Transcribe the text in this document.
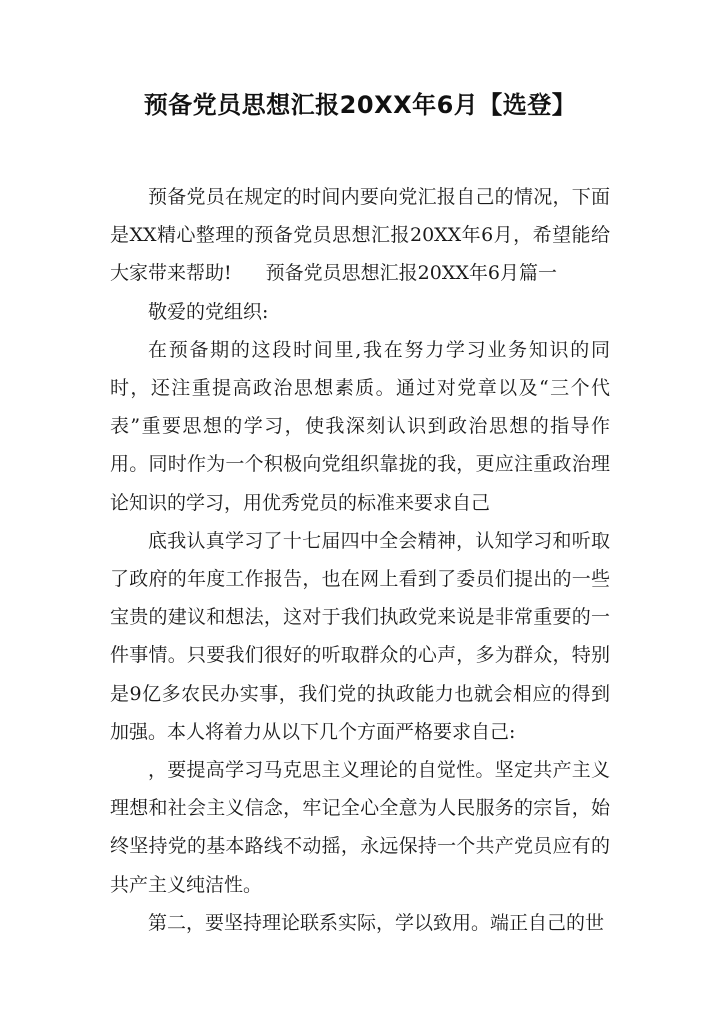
预备党员思想汇报20XX年6月【选登】

预备党员在规定的时间内要向党汇报自己的情况，下面是XX精心整理的预备党员思想汇报20XX年6月，希望能给大家带来帮助! 预备党员思想汇报20XX年6月篇一

敬爱的党组织:

在预备期的这段时间里,我在努力学习业务知识的同时，还注重提高政治思想素质。通过对党章以及“三个代表”重要思想的学习，使我深刻认识到政治思想的指导作用。同时作为一个积极向党组织靠拢的我，更应注重政治理论知识的学习，用优秀党员的标准来要求自己

底我认真学习了十七届四中全会精神，认知学习和听取了政府的年度工作报告，也在网上看到了委员们提出的一些宝贵的建议和想法，这对于我们执政党来说是非常重要的一件事情。只要我们很好的听取群众的心声，多为群众，特别是9亿多农民办实事，我们党的执政能力也就会相应的得到加强。本人将着力从以下几个方面严格要求自己:

，要提高学习马克思主义理论的自觉性。坚定共产主义理想和社会主义信念，牢记全心全意为人民服务的宗旨，始终坚持党的基本路线不动摇，永远保持一个共产党员应有的共产主义纯洁性。

第二，要坚持理论联系实际，学以致用。端正自己的世
